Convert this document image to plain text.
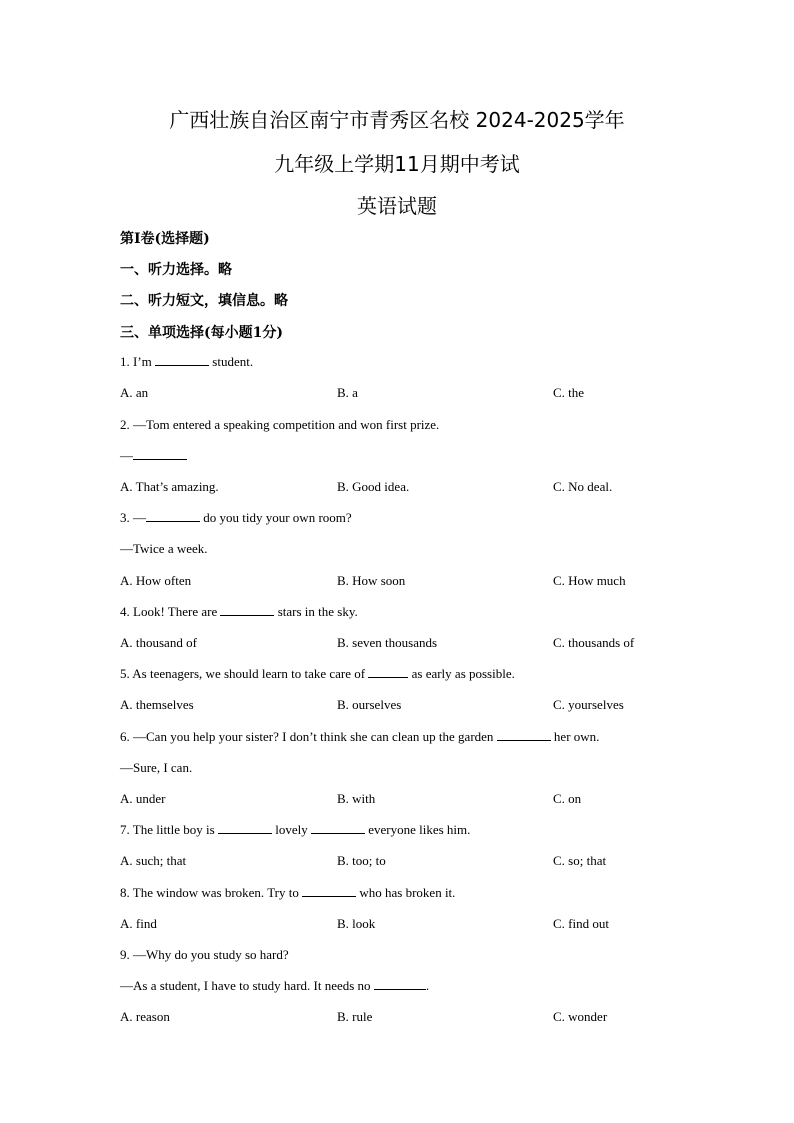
广西壮族自治区南宁市青秀区名校 2024-2025学年
九年级上学期11月期中考试
英语试题
第Ⅰ卷(选择题)
一、听力选择。略
二、听力短文，填信息。略
三、单项选择(每小题1分)
1. I’m	student.
A. an	B. a	C. the
2. —Tom entered a speaking competition and won first prize.
—
A. That’s amazing.	B. Good idea.	C. No deal.
3. —	do you tidy your own room?
—Twice a week.
A. How often	B. How soon	C. How much
4. Look! There are	stars in the sky.
A. thousand of	B. seven thousands	C. thousands of
5. As teenagers, we should learn to take care of	as early as possible.
A. themselves	B. ourselves	C. yourselves
6. —Can you help your sister? I don’t think she can clean up the garden	her own.
—Sure, I can.
A. under	B. with	C. on
7. The little boy is	lovely	everyone likes him.
A. such; that	B. too; to	C. so; that
8. The window was broken. Try to	who has broken it.
A. find	B. look	C. find out
9. —Why do you study so hard?
—As a student, I have to study hard. It needs no	.
A. reason	B. rule	C. wonder
